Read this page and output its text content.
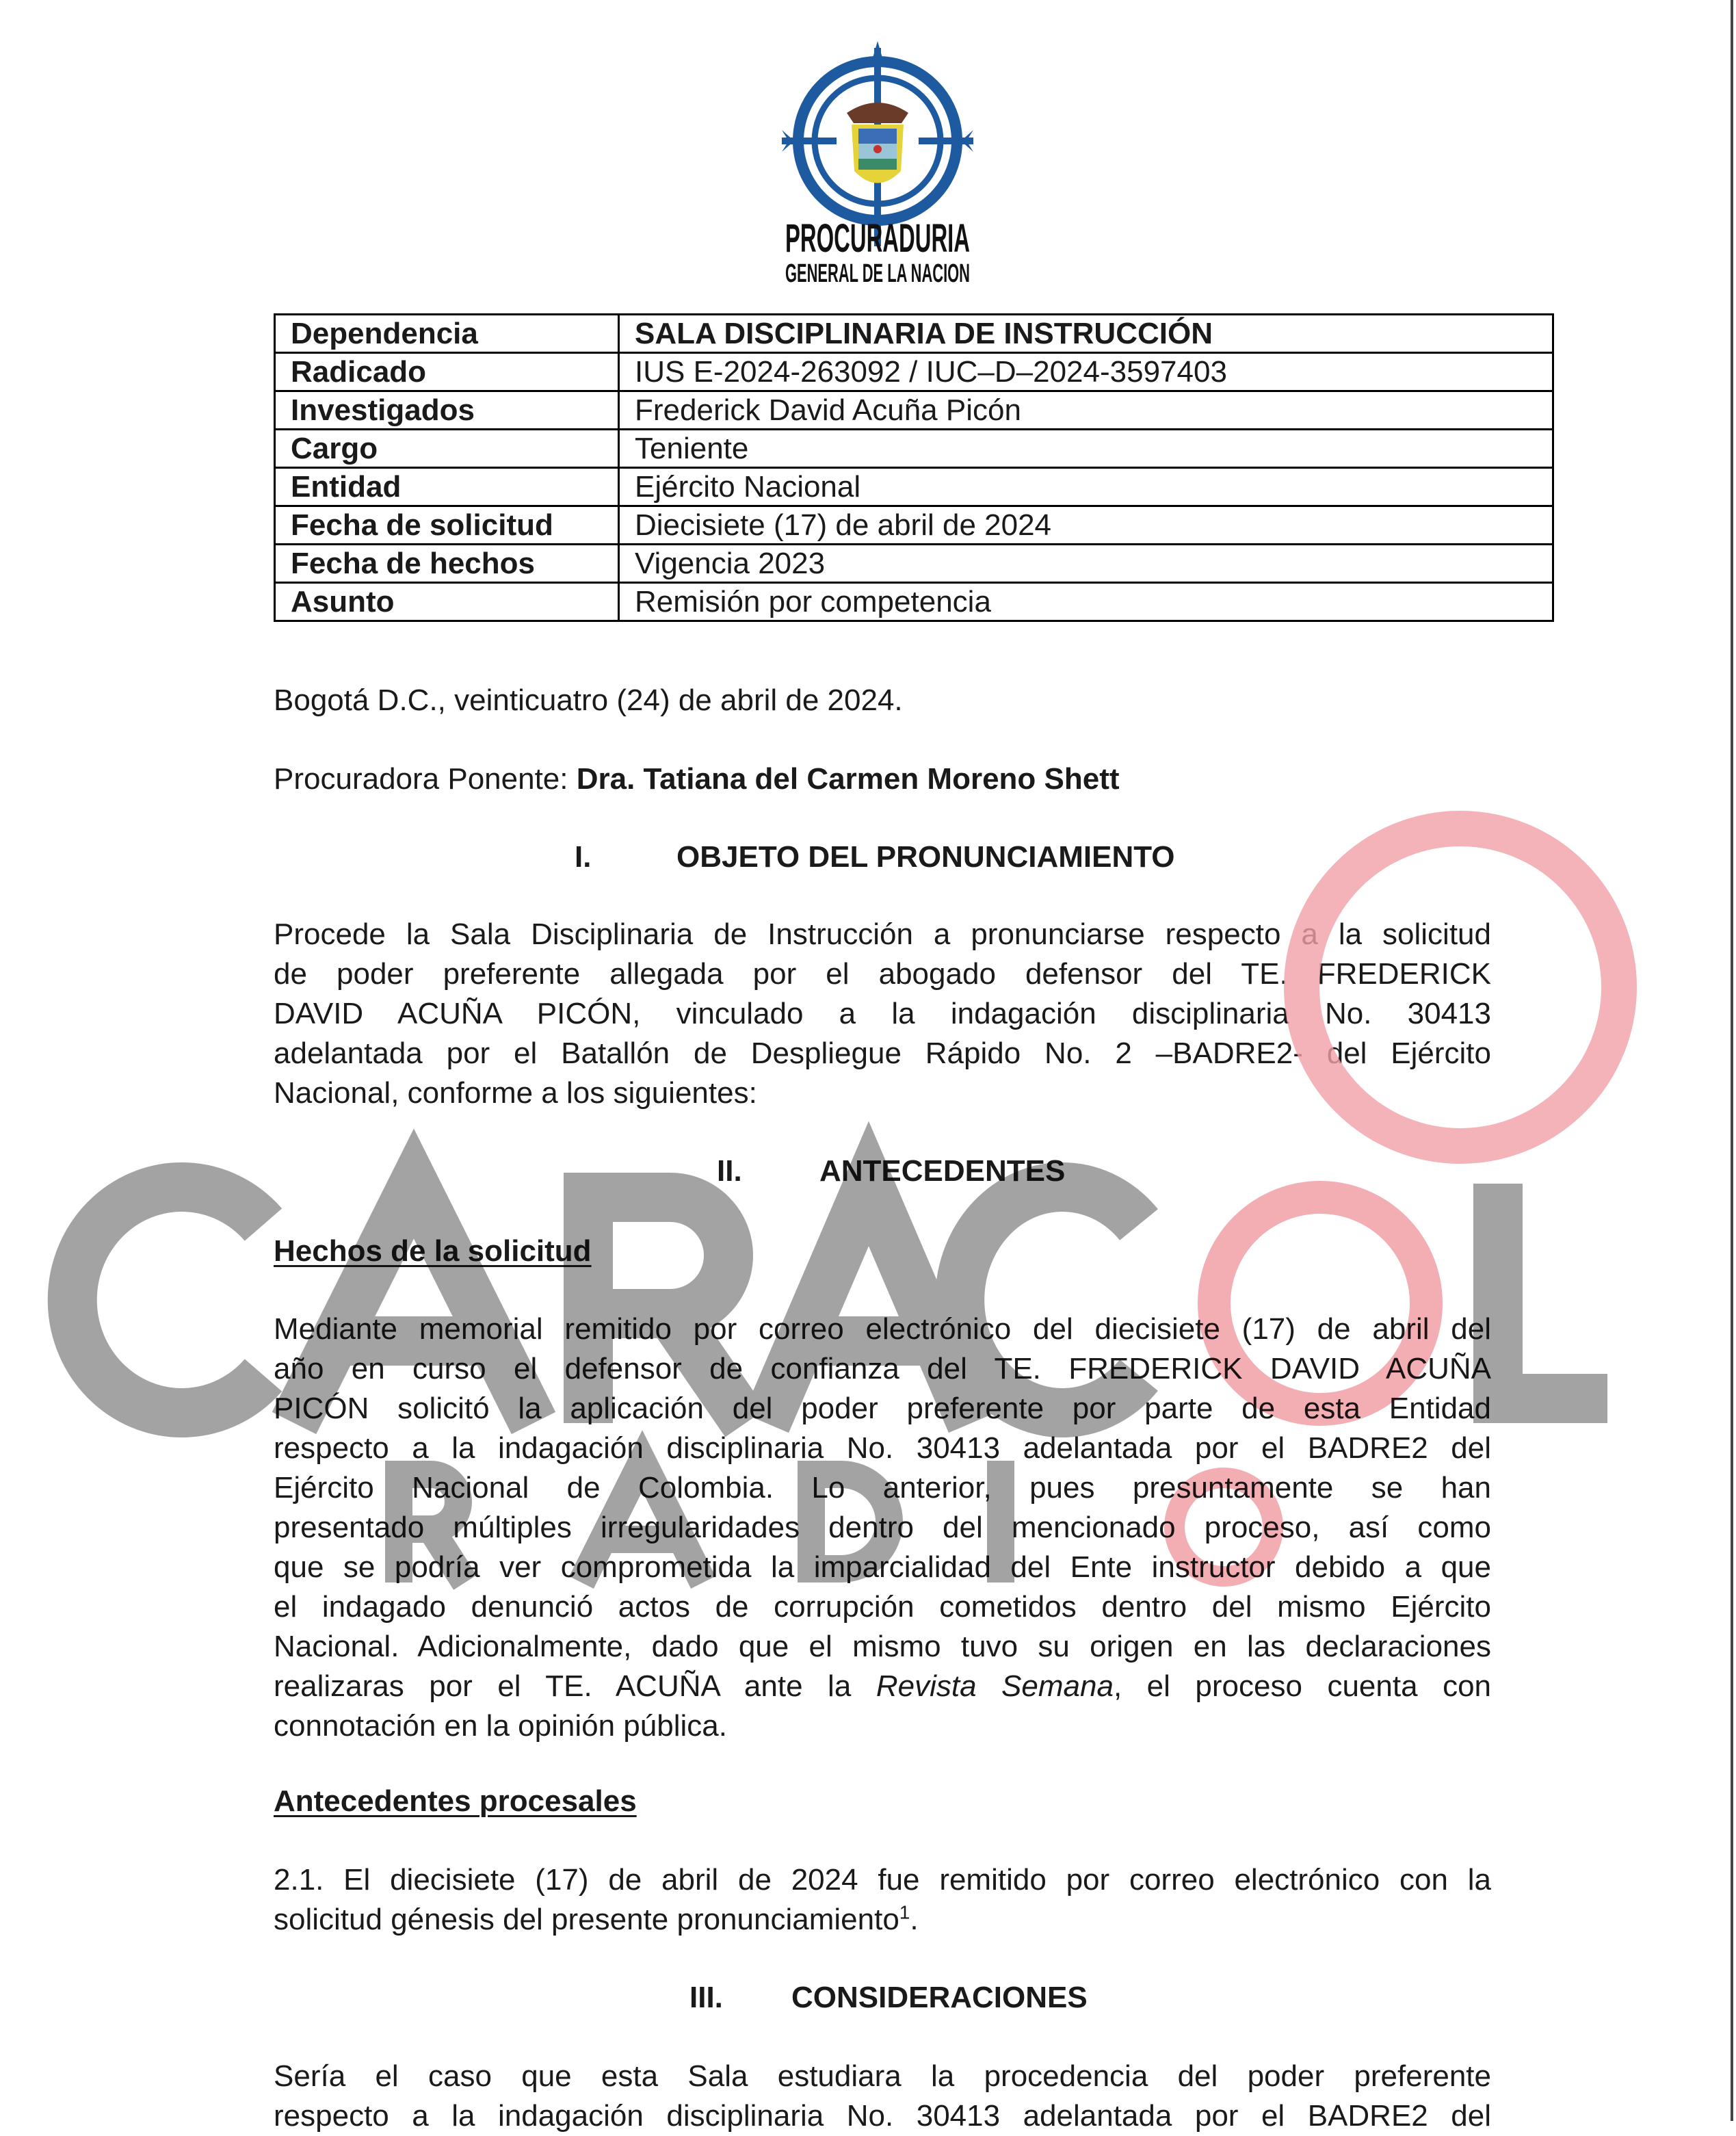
PROCURADURIA
GENERAL DE LA NACION
Dependencia	SALA DISCIPLINARIA DE INSTRUCCIÓN
Radicado	IUS E-2024-263092 / IUC–D–2024-3597403
Investigados	Frederick David Acuña Picón
Cargo	Teniente
Entidad	Ejército Nacional
Fecha de solicitud	Diecisiete (17) de abril de 2024
Fecha de hechos	Vigencia 2023
Asunto	Remisión por competencia
Bogotá D.C., veinticuatro (24) de abril de 2024.
Procuradora Ponente: Dra. Tatiana del Carmen Moreno Shett
I.	OBJETO DEL PRONUNCIAMIENTO
Procede la Sala Disciplinaria de Instrucción a pronunciarse respecto a la solicitud
de poder preferente allegada por el abogado defensor del TE. FREDERICK
DAVID ACUÑA PICÓN, vinculado a la indagación disciplinaria No. 30413
adelantada por el Batallón de Despliegue Rápido No. 2 –BADRE2- del Ejército
Nacional, conforme a los siguientes:
II.	ANTECEDENTES
Hechos de la solicitud
Mediante memorial remitido por correo electrónico del diecisiete (17) de abril del
año en curso el defensor de confianza del TE. FREDERICK DAVID ACUÑA
PICÓN solicitó la aplicación del poder preferente por parte de esta Entidad
respecto a la indagación disciplinaria No. 30413 adelantada por el BADRE2 del
Ejército Nacional de Colombia. Lo anterior, pues presuntamente se han
presentado múltiples irregularidades dentro del mencionado proceso, así como
que se podría ver comprometida la imparcialidad del Ente instructor debido a que
el indagado denunció actos de corrupción cometidos dentro del mismo Ejército
Nacional. Adicionalmente, dado que el mismo tuvo su origen en las declaraciones
realizaras por el TE. ACUÑA ante la Revista Semana, el proceso cuenta con
connotación en la opinión pública.
Antecedentes procesales
2.1. El diecisiete (17) de abril de 2024 fue remitido por correo electrónico con la
solicitud génesis del presente pronunciamiento$^1$.
III. CONSIDERACIONES
Sería el caso que esta Sala estudiara la procedencia del poder preferente
respecto a la indagación disciplinaria No. 30413 adelantada por el BADRE2 del
